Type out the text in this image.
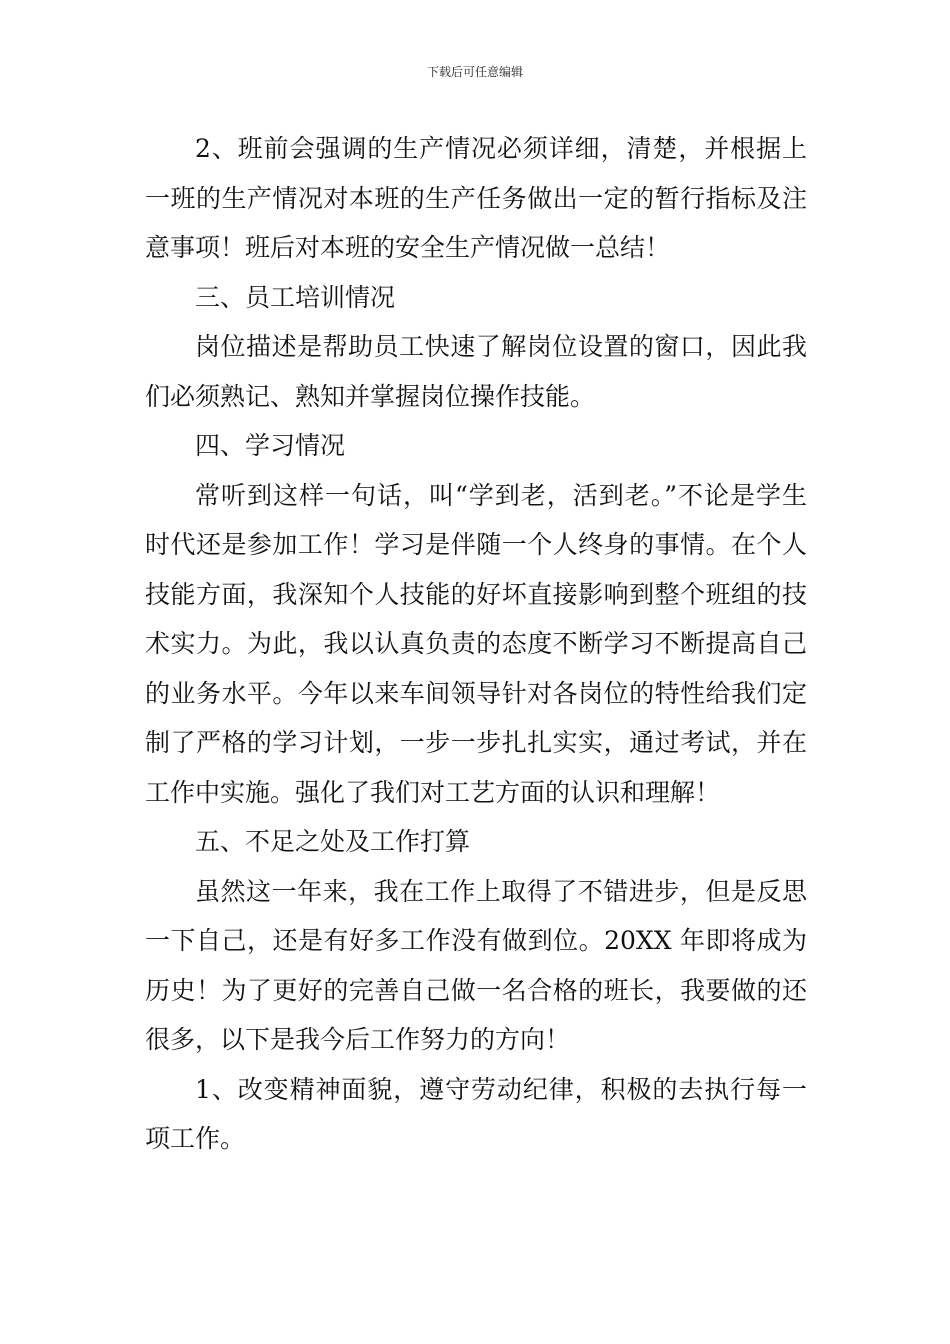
下载后可任意编辑

2、班前会强调的生产情况必须详细，清楚，并根据上一班的生产情况对本班的生产任务做出一定的暂行指标及注意事项！班后对本班的安全生产情况做一总结！

三、员工培训情况

岗位描述是帮助员工快速了解岗位设置的窗口，因此我们必须熟记、熟知并掌握岗位操作技能。

四、学习情况

常听到这样一句话，叫“学到老，活到老。”不论是学生时代还是参加工作！学习是伴随一个人终身的事情。在个人技能方面，我深知个人技能的好坏直接影响到整个班组的技术实力。为此，我以认真负责的态度不断学习不断提高自己的业务水平。今年以来车间领导针对各岗位的特性给我们定制了严格的学习计划，一步一步扎扎实实，通过考试，并在工作中实施。强化了我们对工艺方面的认识和理解！

五、不足之处及工作打算

虽然这一年来，我在工作上取得了不错进步，但是反思一下自己，还是有好多工作没有做到位。20XX 年即将成为历史！为了更好的完善自己做一名合格的班长，我要做的还很多，以下是我今后工作努力的方向！

1、改变精神面貌，遵守劳动纪律，积极的去执行每一项工作。
